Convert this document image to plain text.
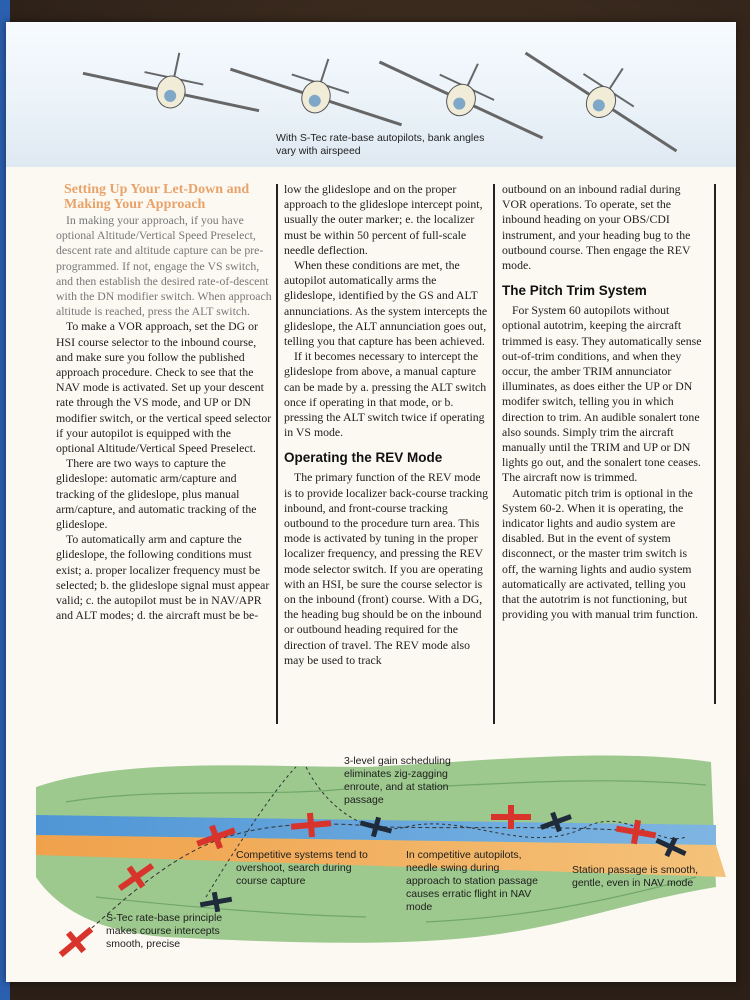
With S-Tec rate-base autopilots, bank angles vary with airspeed
Setting Up Your Let-Down and Making Your Approach

In making your approach, if you have optional Altitude/Vertical Speed Preselect, descent rate and altitude capture can be pre-programmed. If not, engage the VS switch, and then establish the desired rate-of-descent with the DN modifier switch. When approach altitude is reached, press the ALT switch.

To make a VOR approach, set the DG or HSI course selector to the inbound course, and make sure you follow the published approach procedure. Check to see that the NAV mode is activated. Set up your descent rate through the VS mode, and UP or DN modifier switch, or the vertical speed selector if your autopilot is equipped with the optional Altitude/Vertical Speed Preselect.

There are two ways to capture the glideslope: automatic arm/capture and tracking of the glideslope, plus manual arm/capture, and automatic tracking of the glideslope.

To automatically arm and capture the glideslope, the following conditions must exist; a. proper localizer frequency must be selected; b. the glideslope signal must appear valid; c. the autopilot must be in NAV/APR and ALT modes; d. the aircraft must be be-

low the glideslope and on the proper approach to the glideslope intercept point, usually the outer marker; e. the localizer must be within 50 percent of full-scale needle deflection.

When these conditions are met, the autopilot automatically arms the glideslope, identified by the GS and ALT annunciations. As the system intercepts the glideslope, the ALT annunciation goes out, telling you that capture has been achieved.

If it becomes necessary to intercept the glideslope from above, a manual capture can be made by a. pressing the ALT switch once if operating in that mode, or b. pressing the ALT switch twice if operating in VS mode.

Operating the REV Mode

The primary function of the REV mode is to provide localizer back-course tracking inbound, and front-course tracking outbound to the procedure turn area. This mode is activated by tuning in the proper localizer frequency, and pressing the REV mode selector switch. If you are operating with an HSI, be sure the course selector is on the inbound (front) course. With a DG, the heading bug should be on the inbound or outbound heading required for the direction of travel. The REV mode also may be used to track

outbound on an inbound radial during VOR operations. To operate, set the inbound heading on your OBS/CDI instrument, and your heading bug to the outbound course. Then engage the REV mode.

The Pitch Trim System

For System 60 autopilots without optional autotrim, keeping the aircraft trimmed is easy. They automatically sense out-of-trim conditions, and when they occur, the amber TRIM annunciator illuminates, as does either the UP or DN modifer switch, telling you in which direction to trim. An audible sonalert tone also sounds. Simply trim the aircraft manually until the TRIM and UP or DN lights go out, and the sonalert tone ceases. The aircraft now is trimmed.

Automatic pitch trim is optional in the System 60-2. When it is operating, the indicator lights and audio system are disabled. But in the event of system disconnect, or the master trim switch is off, the warning lights and audio system automatically are activated, telling you that the autotrim is not functioning, but providing you with manual trim function.

3-level gain scheduling eliminates zig-zagging enroute, and at station passage
Competitive systems tend to overshoot, search during course capture
In competitive autopilots, needle swing during approach to station passage causes erratic flight in NAV mode
Station passage is smooth, gentle, even in NAV mode
S-Tec rate-base principle makes course intercepts smooth, precise
